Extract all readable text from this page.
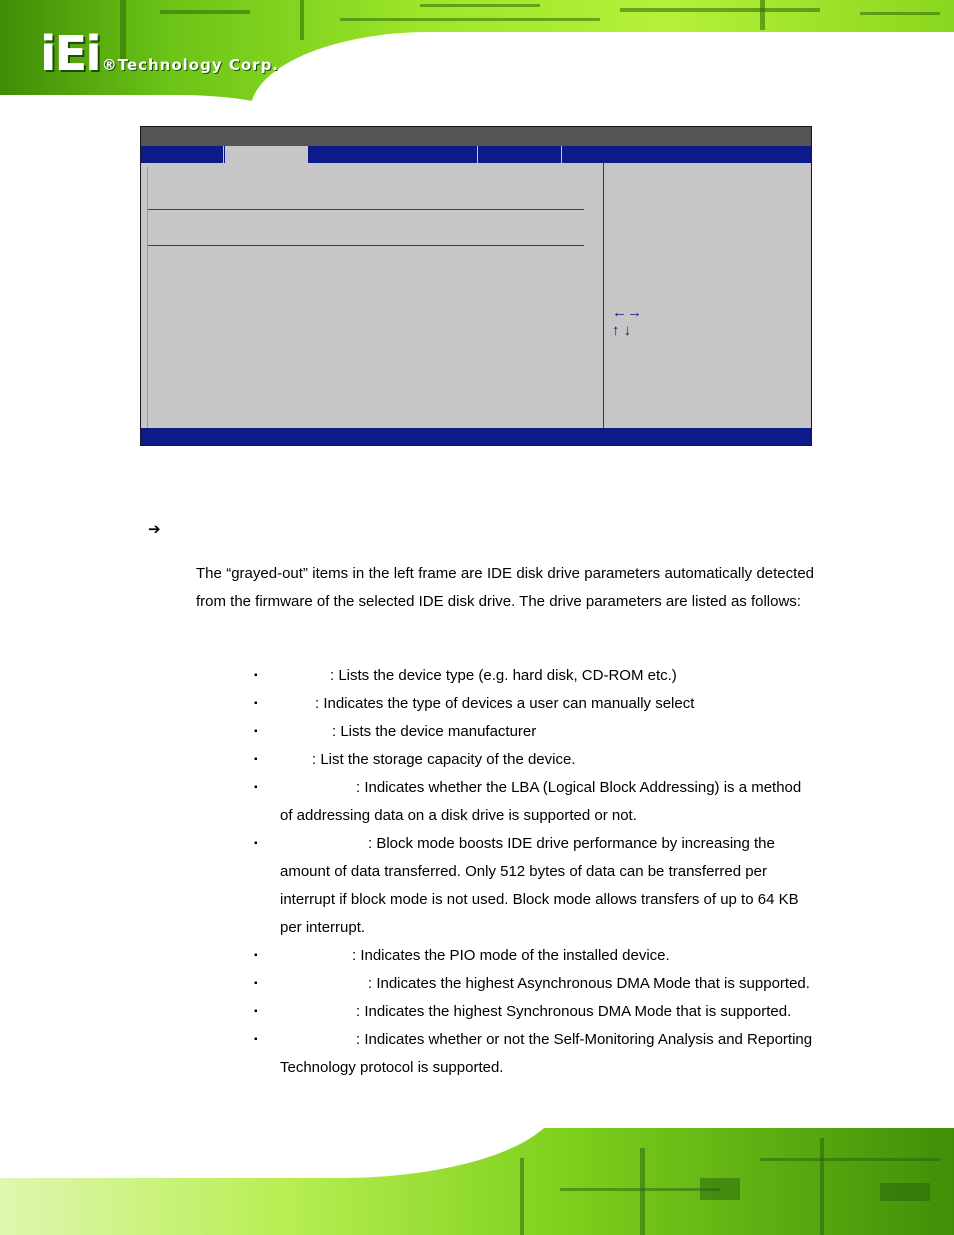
iEi ®Technology Corp.
←→
↑ ↓
➔
The “grayed-out” items in the left frame are IDE disk drive parameters automatically detected from the firmware of the selected IDE disk drive. The drive parameters are listed as follows:
▪	: Lists the device type (e.g. hard disk, CD-ROM etc.)
▪	: Indicates the type of devices a user can manually select
▪	: Lists the device manufacturer
▪	: List the storage capacity of the device.
▪	: Indicates whether the LBA (Logical Block Addressing) is a method of addressing data on a disk drive is supported or not.
▪	: Block mode boosts IDE drive performance by increasing the amount of data transferred. Only 512 bytes of data can be transferred per interrupt if block mode is not used. Block mode allows transfers of up to 64 KB per interrupt.
▪	: Indicates the PIO mode of the installed device.
▪	: Indicates the highest Asynchronous DMA Mode that is supported.
▪	: Indicates the highest Synchronous DMA Mode that is supported.
▪	: Indicates whether or not the Self-Monitoring Analysis and Reporting Technology protocol is supported.
